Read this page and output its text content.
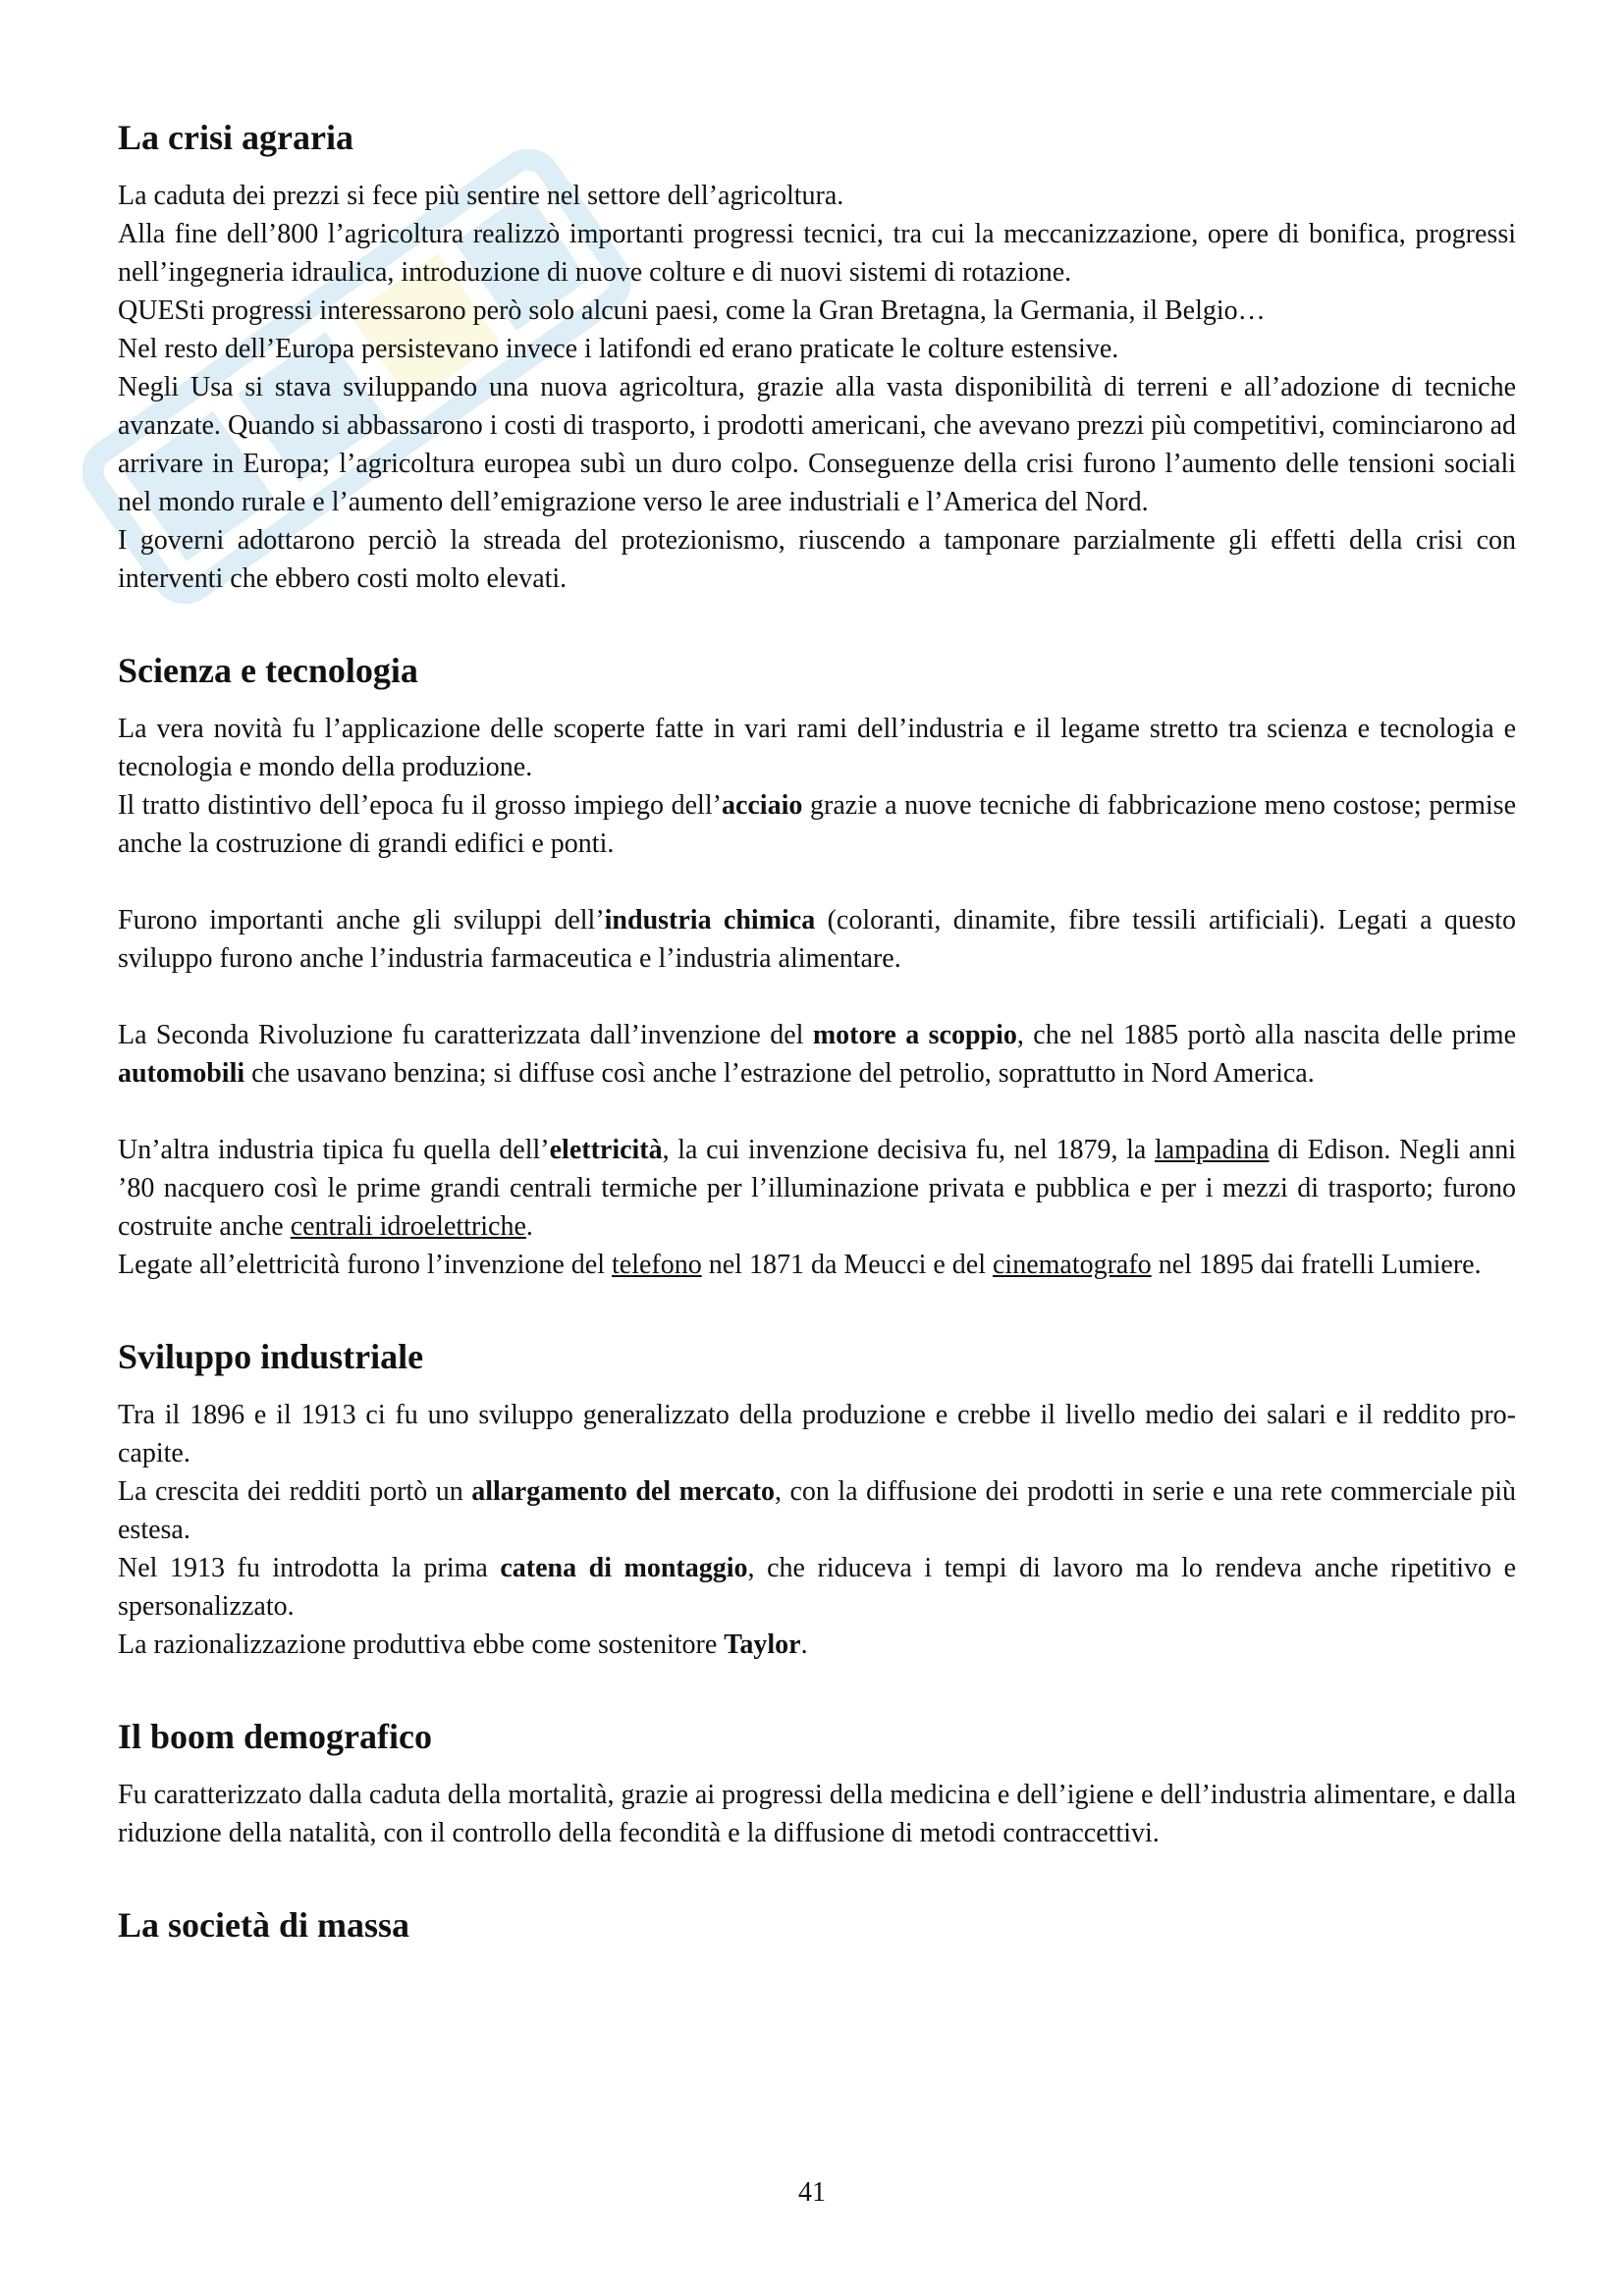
La crisi agraria

La caduta dei prezzi si fece più sentire nel settore dell’agricoltura.

Alla fine dell’800 l’agricoltura realizzò importanti progressi tecnici, tra cui la meccanizzazione, opere di bonifica, progressi nell’ingegneria idraulica, introduzione di nuove colture e di nuovi sistemi di rotazione.

QUESti progressi interessarono però solo alcuni paesi, come la Gran Bretagna, la Germania, il Belgio…

Nel resto dell’Europa persistevano invece i latifondi ed erano praticate le colture estensive.

Negli Usa si stava sviluppando una nuova agricoltura, grazie alla vasta disponibilità di terreni e all’adozione di tecniche avanzate. Quando si abbassarono i costi di trasporto, i prodotti americani, che avevano prezzi più competitivi, cominciarono ad arrivare in Europa; l’agricoltura europea subì un duro colpo. Conseguenze della crisi furono l’aumento delle tensioni sociali nel mondo rurale e l’aumento dell’emigrazione verso le aree industriali e l’America del Nord.

I governi adottarono perciò la streada del protezionismo, riuscendo a tamponare parzialmente gli effetti della crisi con interventi che ebbero costi molto elevati.

Scienza e tecnologia

La vera novità fu l’applicazione delle scoperte fatte in vari rami dell’industria e il legame stretto tra scienza e tecnologia e tecnologia e mondo della produzione.

Il tratto distintivo dell’epoca fu il grosso impiego dell’acciaio grazie a nuove tecniche di fabbricazione meno costose; permise anche la costruzione di grandi edifici e ponti.

Furono importanti anche gli sviluppi dell’industria chimica (coloranti, dinamite, fibre tessili artificiali). Legati a questo sviluppo furono anche l’industria farmaceutica e l’industria alimentare.

La Seconda Rivoluzione fu caratterizzata dall’invenzione del motore a scoppio, che nel 1885 portò alla nascita delle prime automobili che usavano benzina; si diffuse così anche l’estrazione del petrolio, soprattutto in Nord America.

Un’altra industria tipica fu quella dell’elettricità, la cui invenzione decisiva fu, nel 1879, la lampadina di Edison. Negli anni ’80 nacquero così le prime grandi centrali termiche per l’illuminazione privata e pubblica e per i mezzi di trasporto; furono costruite anche centrali idroelettriche.

Legate all’elettricità furono l’invenzione del telefono nel 1871 da Meucci e del cinematografo nel 1895 dai fratelli Lumiere.

Sviluppo industriale

Tra il 1896 e il 1913 ci fu uno sviluppo generalizzato della produzione e crebbe il livello medio dei salari e il reddito pro-capite.

La crescita dei redditi portò un allargamento del mercato, con la diffusione dei prodotti in serie e una rete commerciale più estesa.

Nel 1913 fu introdotta la prima catena di montaggio, che riduceva i tempi di lavoro ma lo rendeva anche ripetitivo e spersonalizzato.

La razionalizzazione produttiva ebbe come sostenitore Taylor.

Il boom demografico

Fu caratterizzato dalla caduta della mortalità, grazie ai progressi della medicina e dell’igiene e dell’industria alimentare, e dalla riduzione della natalità, con il controllo della fecondità e la diffusione di metodi contraccettivi.

La società di massa
41
